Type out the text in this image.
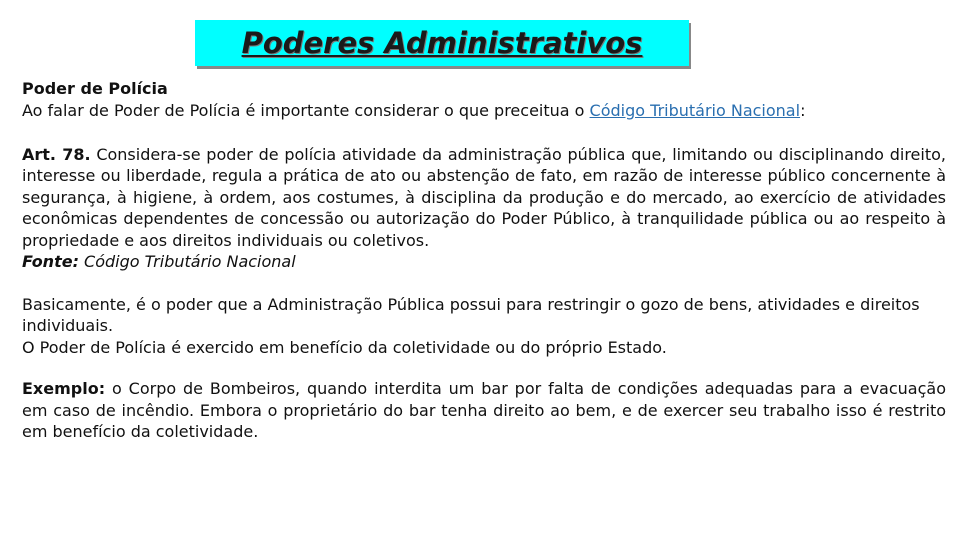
Poderes Administrativos
Poder de Polícia

Ao falar de Poder de Polícia é importante considerar o que preceitua o Código Tributário Nacional:

Art. 78. Considera-se poder de polícia atividade da administração pública que, limitando ou disciplinando direito, interesse ou liberdade, regula a prática de ato ou abstenção de fato, em razão de interesse público concernente à segurança, à higiene, à ordem, aos costumes, à disciplina da produção e do mercado, ao exercício de atividades econômicas dependentes de concessão ou autorização do Poder Público, à tranquilidade pública ou ao respeito à propriedade e aos direitos individuais ou coletivos.

Fonte: Código Tributário Nacional

Basicamente, é o poder que a Administração Pública possui para restringir o gozo de bens, atividades e direitos individuais.

O Poder de Polícia é exercido em benefício da coletividade ou do próprio Estado.

Exemplo: o Corpo de Bombeiros, quando interdita um bar por falta de condições adequadas para a evacuação em caso de incêndio. Embora o proprietário do bar tenha direito ao bem, e de exercer seu trabalho isso é restrito em benefício da coletividade.
